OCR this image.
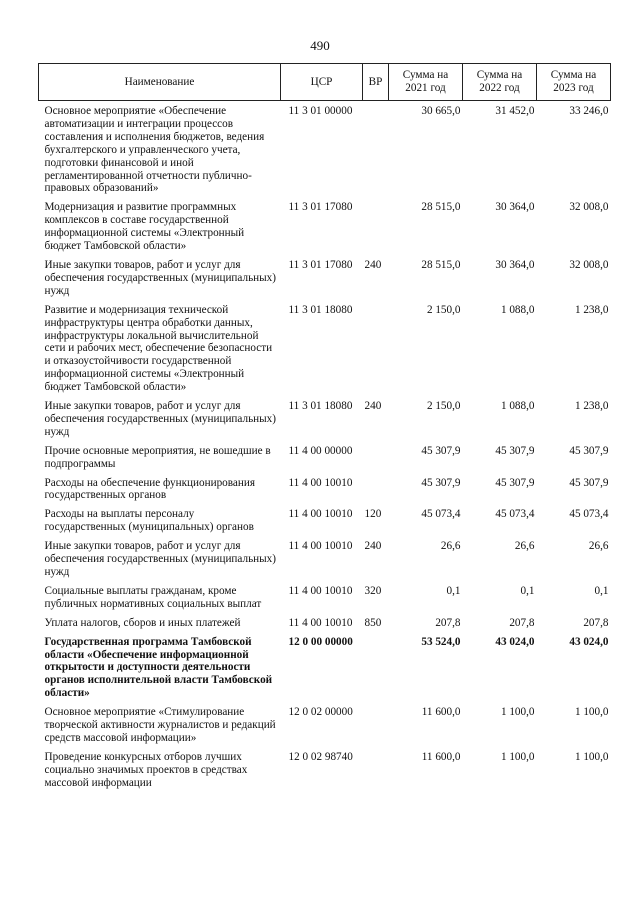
490
Наименование	ЦСР	ВР	Сумма на 2021 год	Сумма на 2022 год	Сумма на 2023 год
Основное мероприятие «Обеспечение автоматизации и интеграции процессов составления и исполнения бюджетов, ведения бухгалтерского и управленческого учета, подготовки финансовой и иной регламентированной отчетности публично-правовых образований»	11 3 01 00000		30 665,0	31 452,0	33 246,0
Модернизация и развитие программных комплексов в составе государственной информационной системы «Электронный бюджет Тамбовской области»	11 3 01 17080		28 515,0	30 364,0	32 008,0
Иные закупки товаров, работ и услуг для обеспечения государственных (муниципальных) нужд	11 3 01 17080	240	28 515,0	30 364,0	32 008,0
Развитие и модернизация технической инфраструктуры центра обработки данных, инфраструктуры локальной вычислительной сети и рабочих мест, обеспечение безопасности и отказоустойчивости государственной информационной системы «Электронный бюджет Тамбовской области»	11 3 01 18080		2 150,0	1 088,0	1 238,0
Иные закупки товаров, работ и услуг для обеспечения государственных (муниципальных) нужд	11 3 01 18080	240	2 150,0	1 088,0	1 238,0
Прочие основные мероприятия, не вошедшие в подпрограммы	11 4 00 00000		45 307,9	45 307,9	45 307,9
Расходы на обеспечение функционирования государственных органов	11 4 00 10010		45 307,9	45 307,9	45 307,9
Расходы на выплаты персоналу государственных (муниципальных) органов	11 4 00 10010	120	45 073,4	45 073,4	45 073,4
Иные закупки товаров, работ и услуг для обеспечения государственных (муниципальных) нужд	11 4 00 10010	240	26,6	26,6	26,6
Социальные выплаты гражданам, кроме публичных нормативных социальных выплат	11 4 00 10010	320	0,1	0,1	0,1
Уплата налогов, сборов и иных платежей	11 4 00 10010	850	207,8	207,8	207,8
Государственная программа Тамбовской области «Обеспечение информационной открытости и доступности деятельности органов исполнительной власти Тамбовской области»	12 0 00 00000		53 524,0	43 024,0	43 024,0
Основное мероприятие «Стимулирование творческой активности журналистов и редакций средств массовой информации»	12 0 02 00000		11 600,0	1 100,0	1 100,0
Проведение конкурсных отборов лучших социально значимых проектов в средствах массовой информации	12 0 02 98740		11 600,0	1 100,0	1 100,0
